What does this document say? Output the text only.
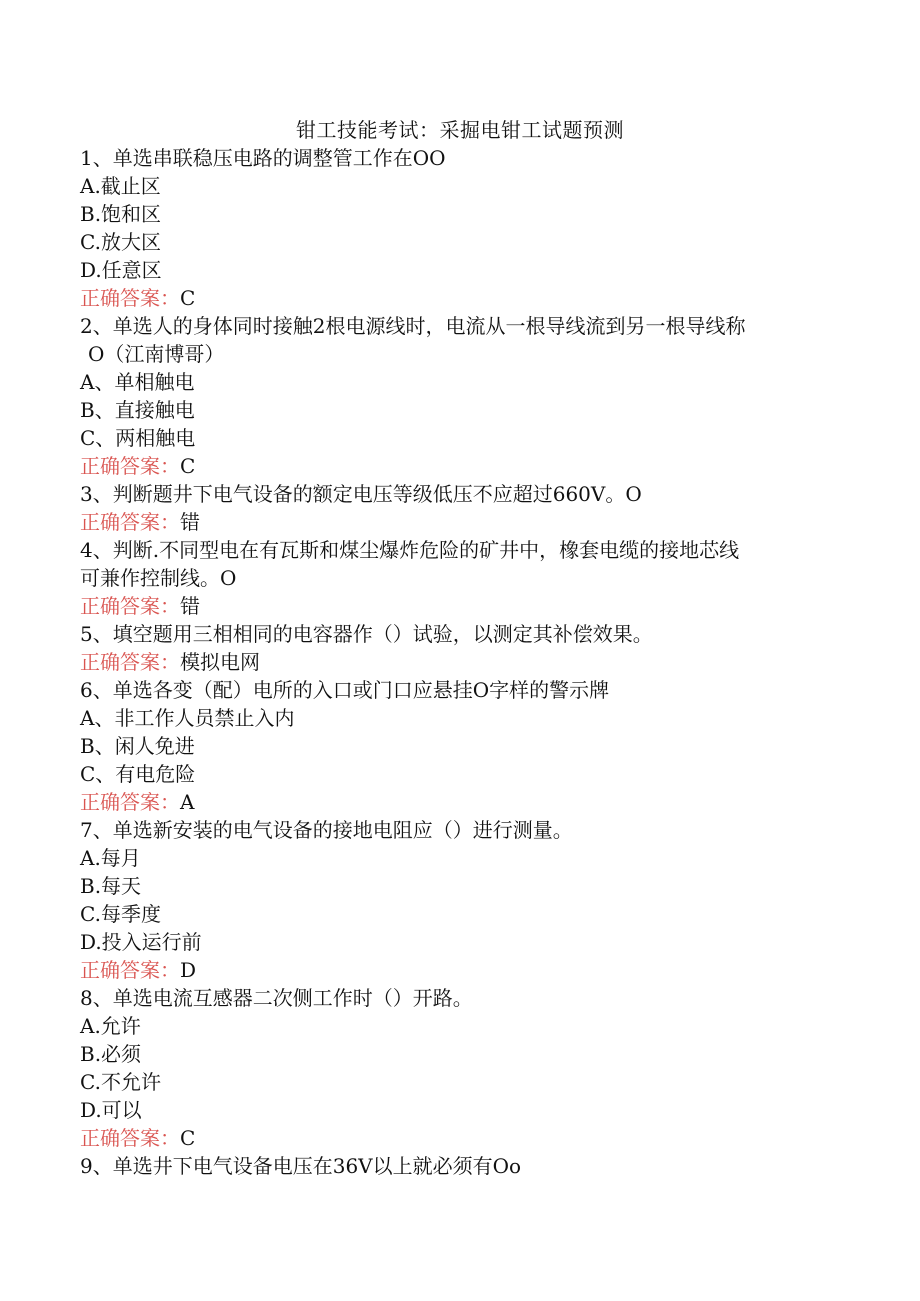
钳工技能考试：采掘电钳工试题预测
1、单选串联稳压电路的调整管工作在OO
A.截止区
B.饱和区
C.放大区
D.任意区
正确答案：C
2、单选人的身体同时接触2根电源线时，电流从一根导线流到另一根导线称
O（江南博哥）
A、单相触电
B、直接触电
C、两相触电
正确答案：C
3、判断题井下电气设备的额定电压等级低压不应超过660V。O
正确答案：错
4、判断.不同型电在有瓦斯和煤尘爆炸危险的矿井中，橡套电缆的接地芯线
可兼作控制线。O
正确答案：错
5、填空题用三相相同的电容器作（）试验，以测定其补偿效果。
正确答案：模拟电网
6、单选各变（配）电所的入口或门口应悬挂O字样的警示牌
A、非工作人员禁止入内
B、闲人免进
C、有电危险
正确答案：A
7、单选新安装的电气设备的接地电阻应（）进行测量。
A.每月
B.每天
C.每季度
D.投入运行前
正确答案：D
8、单选电流互感器二次侧工作时（）开路。
A.允许
B.必须
C.不允许
D.可以
正确答案：C
9、单选井下电气设备电压在36V以上就必须有Oo
